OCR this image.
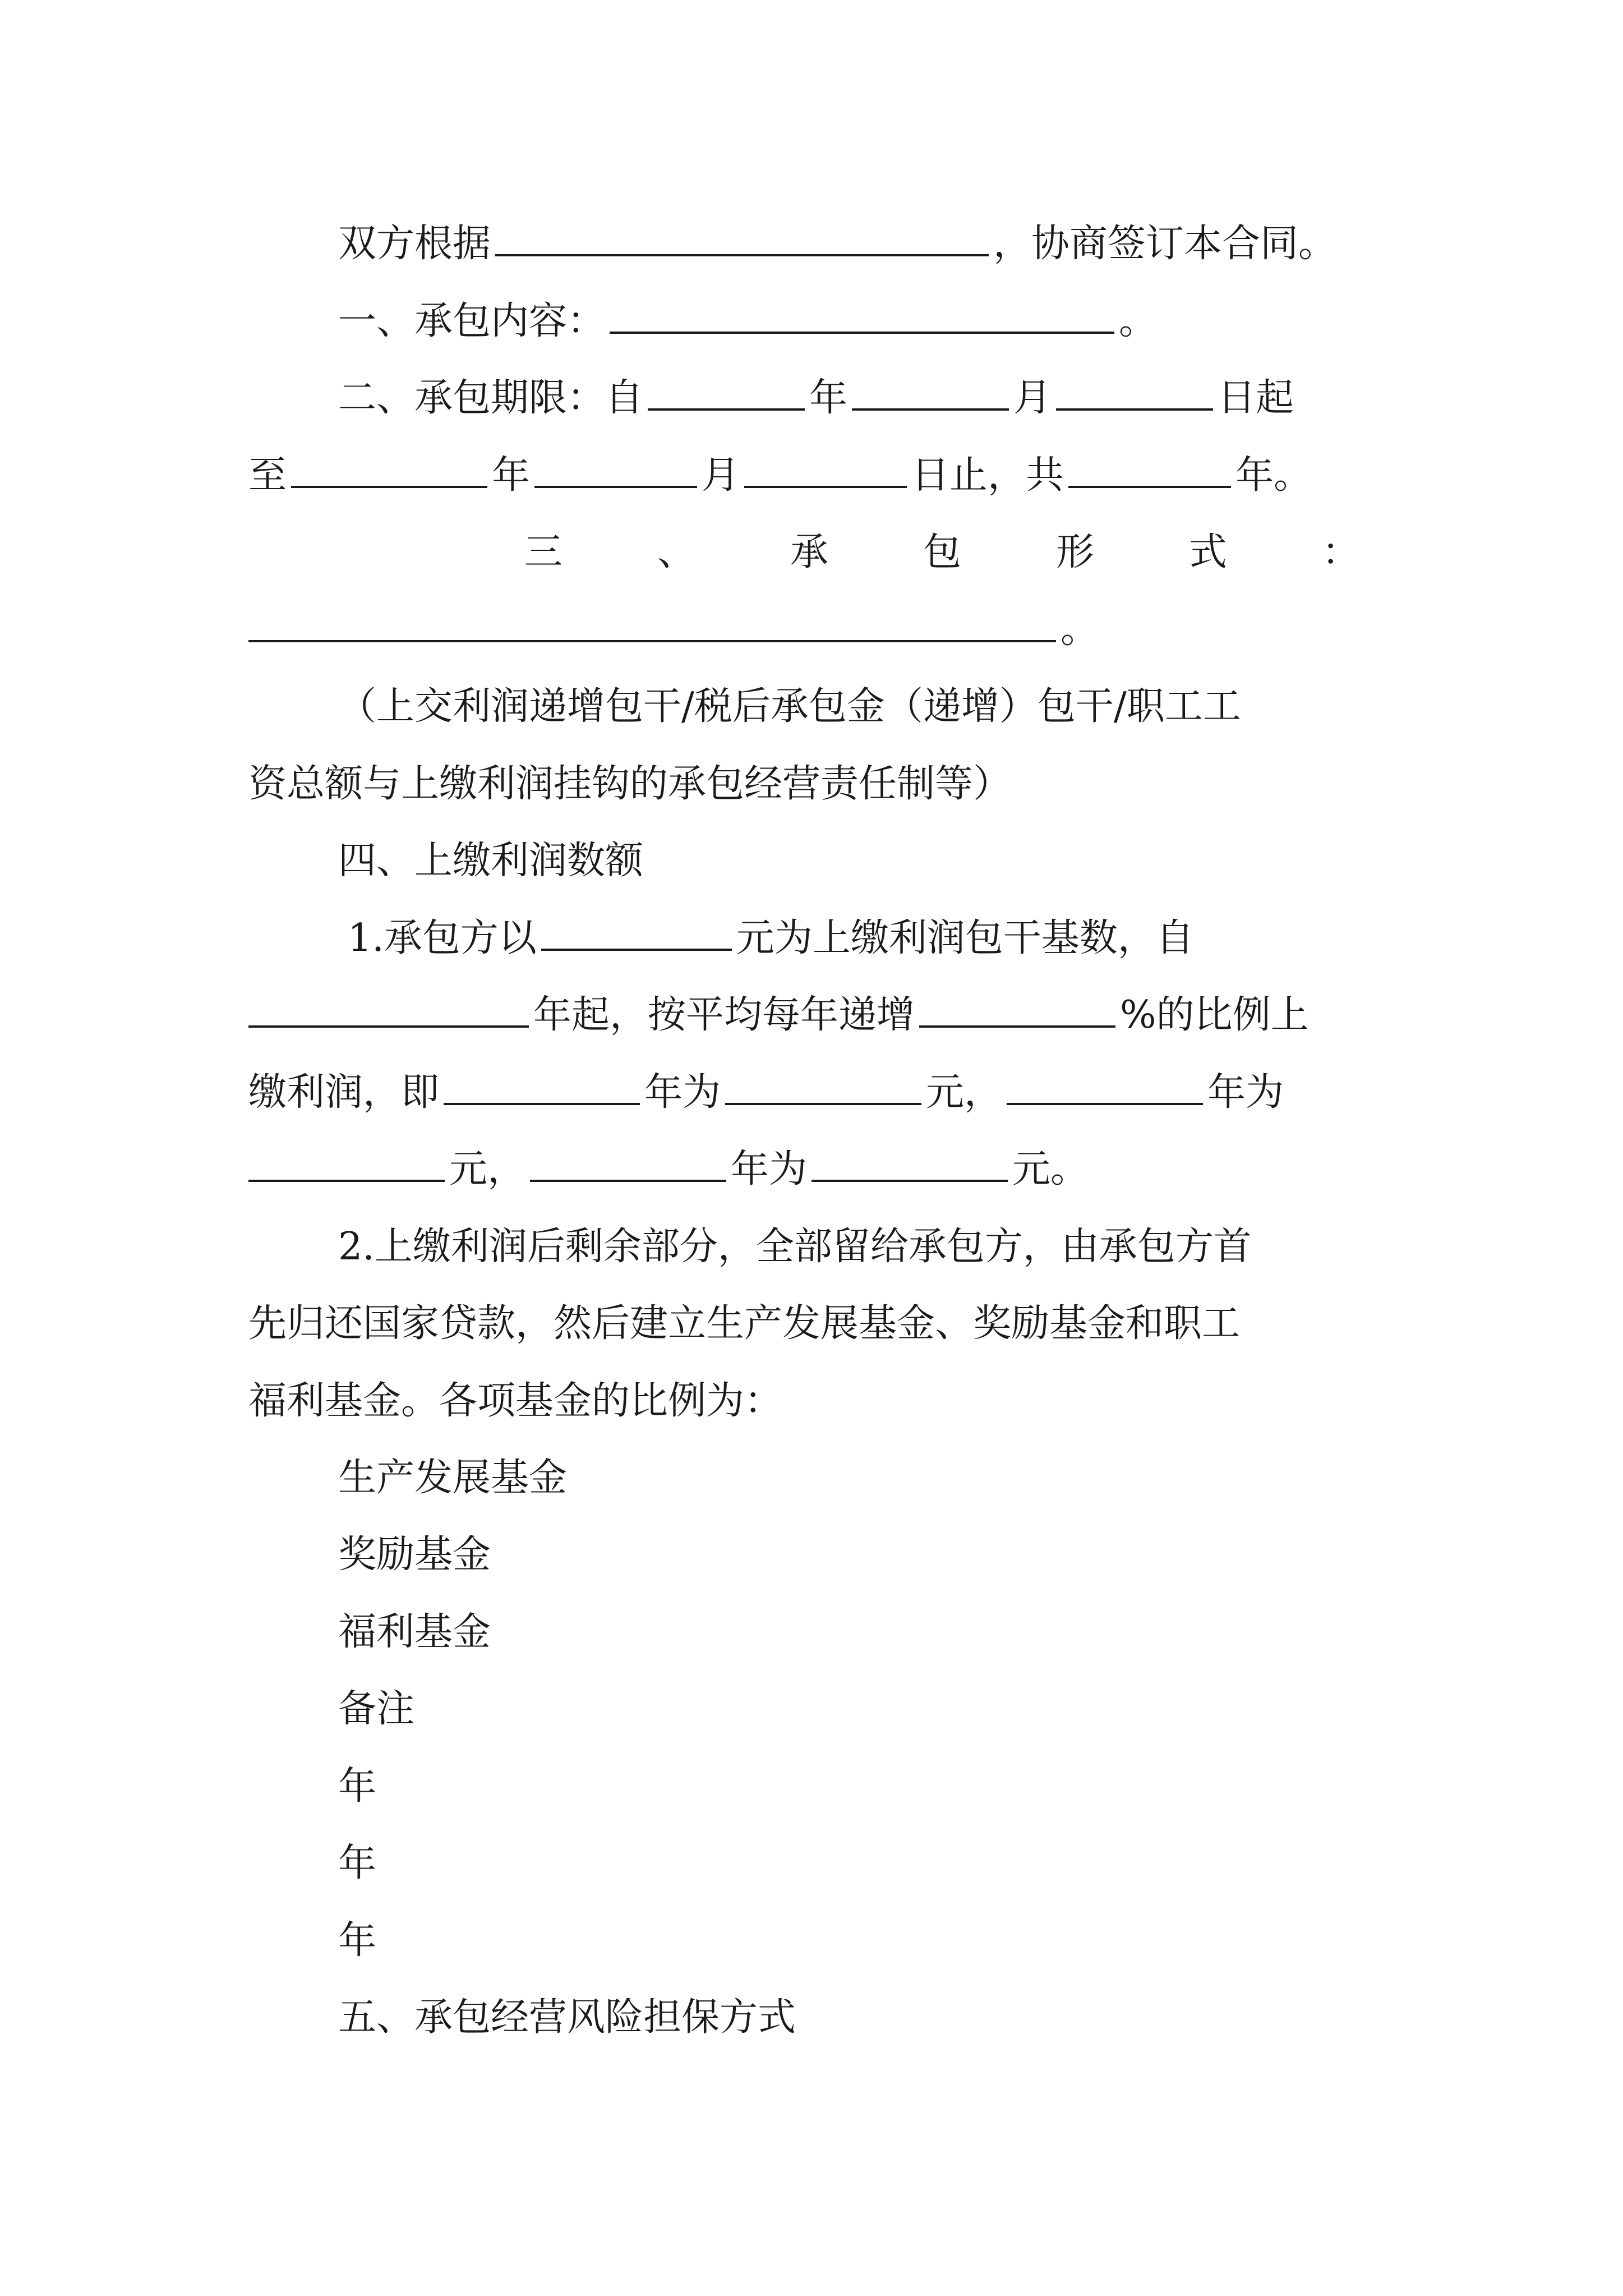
双方根据	，协商签订本合同。
一、承包内容：	。
二、承包期限：自	年	月	日起
至	年	月	日止，共	年。
三 、 承 包 形 式 ：
。
（上交利润递增包干/税后承包金（递增）包干/职工工
资总额与上缴利润挂钩的承包经营责任制等）
四、上缴利润数额
1.承包方以	元为上缴利润包干基数，自
年起，按平均每年递增	%的比例上
缴利润，即	年为	元，	年为
元，	年为	元。
2.上缴利润后剩余部分，全部留给承包方，由承包方首
先归还国家贷款，然后建立生产发展基金、奖励基金和职工
福利基金。各项基金的比例为：
生产发展基金
奖励基金
福利基金
备注
年
年
年
五、承包经营风险担保方式
